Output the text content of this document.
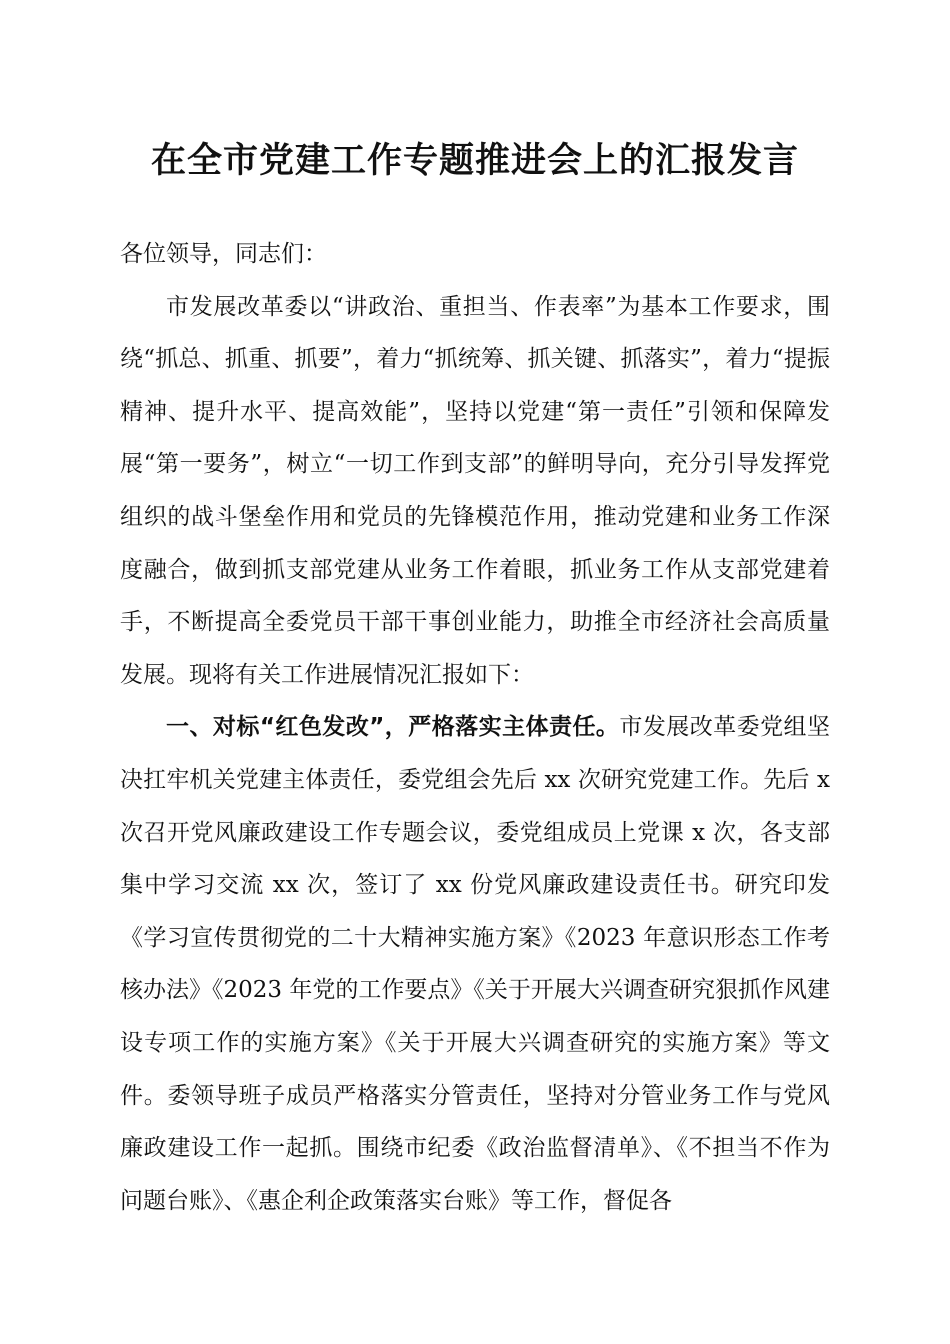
在全市党建工作专题推进会上的汇报发言

各位领导，同志们：

市发展改革委以“讲政治、重担当、作表率”为基本工作要求，围绕“抓总、抓重、抓要”，着力“抓统筹、抓关键、抓落实”，着力“提振精神、提升水平、提高效能”，坚持以党建“第一责任”引领和保障发展“第一要务”，树立“一切工作到支部”的鲜明导向，充分引导发挥党组织的战斗堡垒作用和党员的先锋模范作用，推动党建和业务工作深度融合，做到抓支部党建从业务工作着眼，抓业务工作从支部党建着手，不断提高全委党员干部干事创业能力，助推全市经济社会高质量发展。现将有关工作进展情况汇报如下：

一、对标“红色发改”，严格落实主体责任。市发展改革委党组坚决扛牢机关党建主体责任，委党组会先后 xx 次研究党建工作。先后 x 次召开党风廉政建设工作专题会议，委党组成员上党课 x 次，各支部集中学习交流 xx 次，签订了 xx 份党风廉政建设责任书。研究印发《学习宣传贯彻党的二十大精神实施方案》《2023 年意识形态工作考核办法》《2023 年党的工作要点》《关于开展大兴调查研究狠抓作风建设专项工作的实施方案》《关于开展大兴调查研究的实施方案》等文件。委领导班子成员严格落实分管责任，坚持对分管业务工作与党风廉政建设工作一起抓。围绕市纪委《政治监督清单》、《不担当不作为问题台账》、《惠企利企政策落实台账》等工作，督促各
